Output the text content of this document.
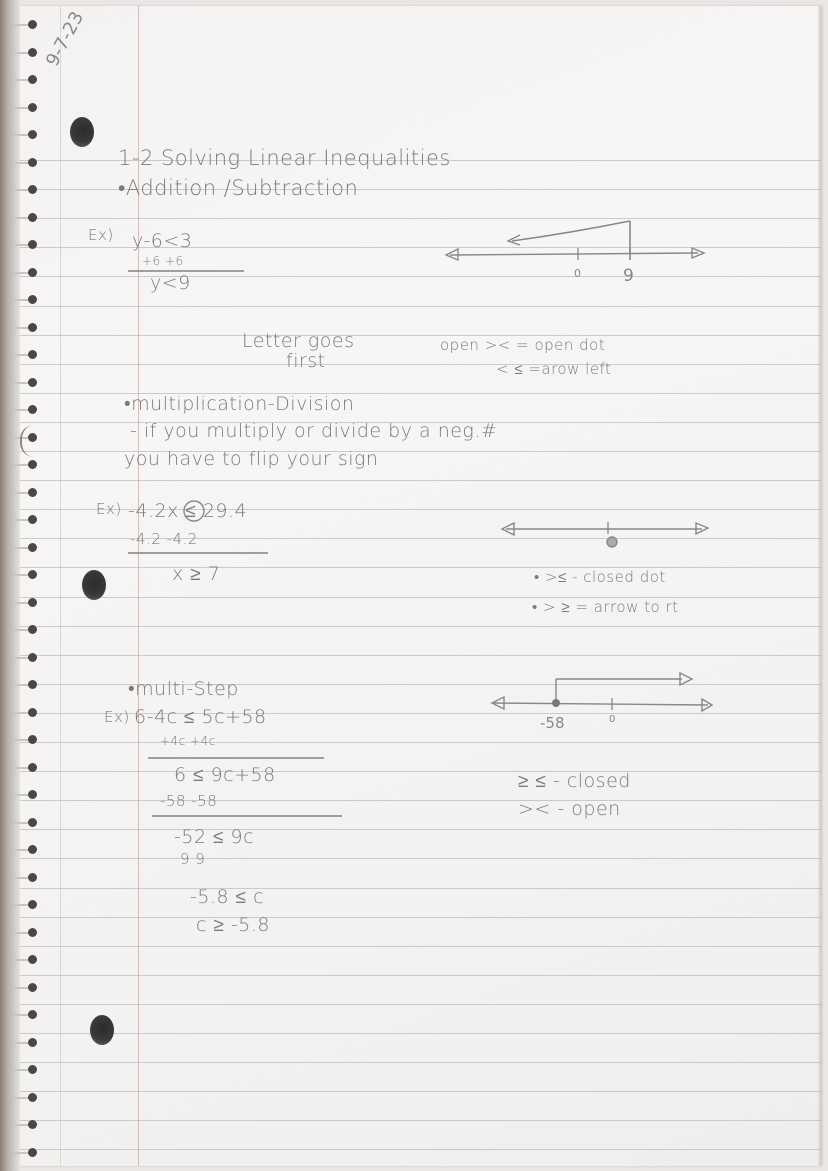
9-7-23
1-2 Solving Linear Inequalities
•Addition /Subtraction
Ex) y-6<3
+6 +6
y<9	0 9
Letter goes
first
open >< = open dot
< ≤ =arow left
•multiplication-Division
- if you multiply or divide by a neg.#
you have to flip your sign
Ex) -4.2x ≤ 29.4
-4.2 -4.2
x ≥ 7	• >≤ - closed dot
• > ≥ = arrow to rt
•multi-Step
Ex) 6-4c ≤ 5c+58
+4c +4c
6 ≤ 9c+58
-58 -58
-52 ≤ 9c
9 9
-5.8 ≤ c
c ≥ -5.8
-58	0
≥ ≤ - closed
>< - open
